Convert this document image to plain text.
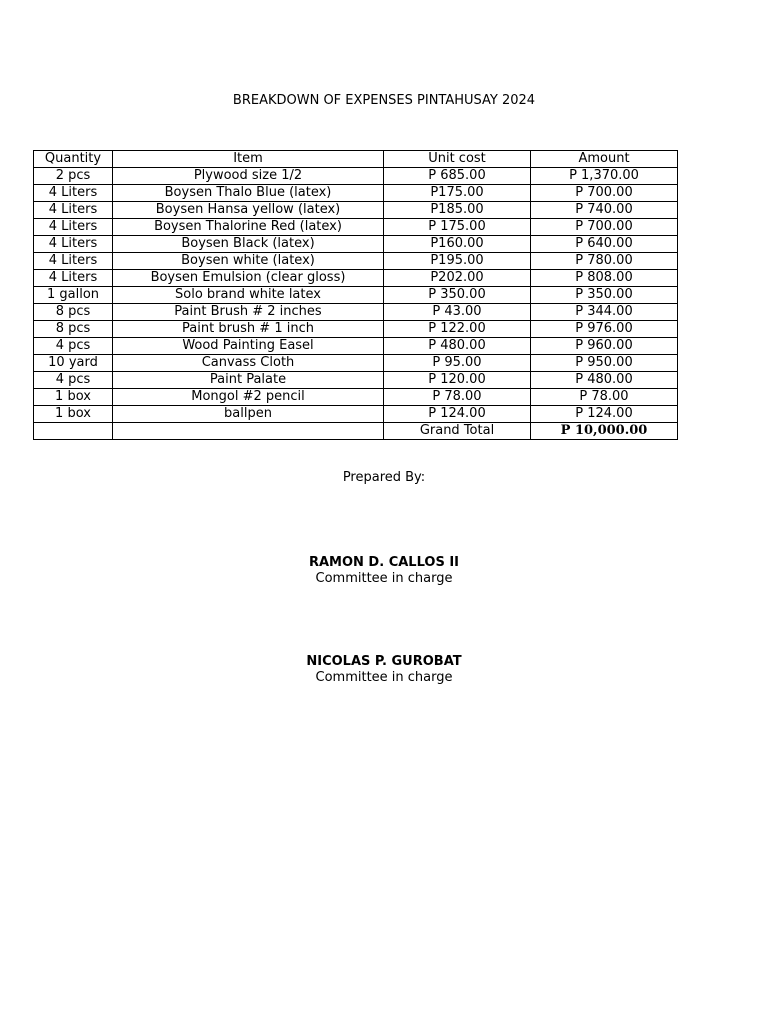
BREAKDOWN OF EXPENSES PINTAHUSAY 2024
Quantity	Item	Unit cost	Amount
2 pcs	Plywood size 1/2	P 685.00	P 1,370.00
4 Liters	Boysen Thalo Blue (latex)	P175.00	P 700.00
4 Liters	Boysen Hansa yellow (latex)	P185.00	P 740.00
4 Liters	Boysen Thalorine Red (latex)	P 175.00	P 700.00
4 Liters	Boysen Black (latex)	P160.00	P 640.00
4 Liters	Boysen white (latex)	P195.00	P 780.00
4 Liters	Boysen Emulsion (clear gloss)	P202.00	P 808.00
1 gallon	Solo brand white latex	P 350.00	P 350.00
8 pcs	Paint Brush # 2 inches	P 43.00	P 344.00
8 pcs	Paint brush # 1 inch	P 122.00	P 976.00
4 pcs	Wood Painting Easel	P 480.00	P 960.00
10 yard	Canvass Cloth	P 95.00	P 950.00
4 pcs	Paint Palate	P 120.00	P 480.00
1 box	Mongol #2 pencil	P 78.00	P 78.00
1 box	ballpen	P 124.00	P 124.00
		Grand Total	P 10,000.00
Prepared By:
RAMON D. CALLOS II
Committee in charge
NICOLAS P. GUROBAT
Committee in charge
